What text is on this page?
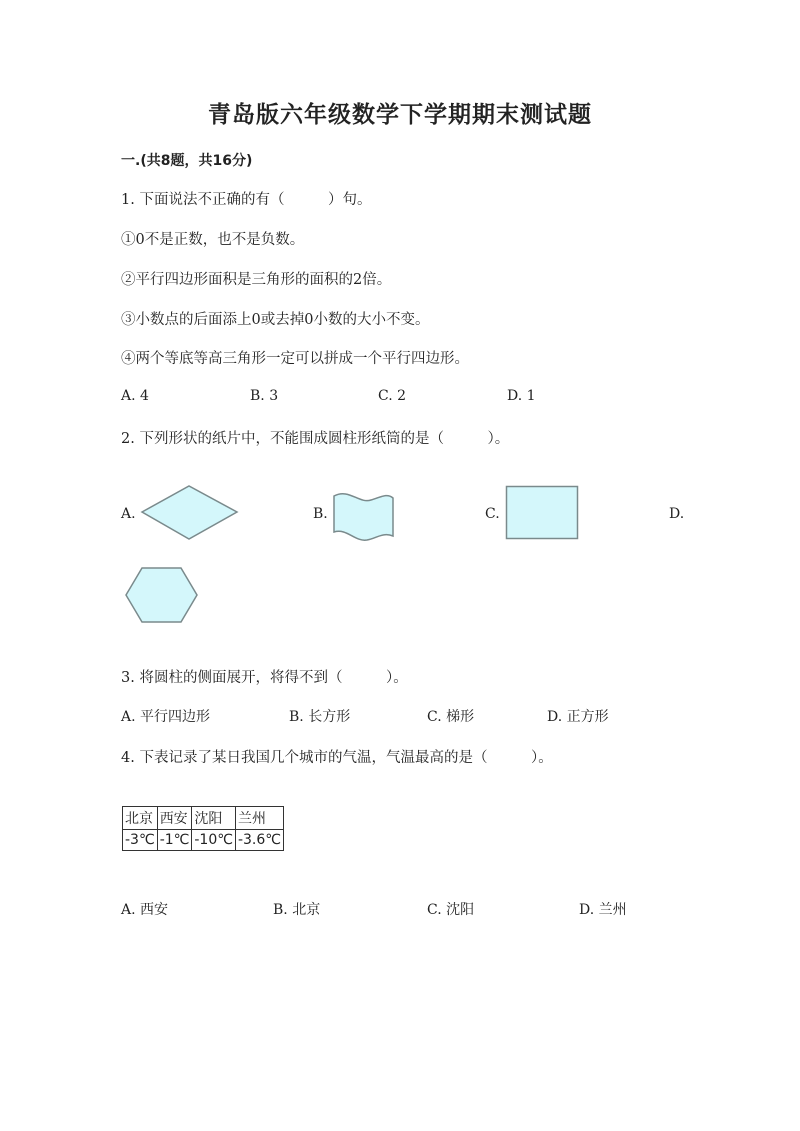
青岛版六年级数学下学期期末测试题
一.(共8题，共16分)
1. 下面说法不正确的有（　　　）句。
①0不是正数，也不是负数。
②平行四边形面积是三角形的面积的2倍。
③小数点的后面添上0或去掉0小数的大小不变。
④两个等底等高三角形一定可以拼成一个平行四边形。
A. 4	B. 3	C. 2	D. 1
2. 下列形状的纸片中，不能围成圆柱形纸筒的是（　　　）。
A.	B.	C.	D.
3. 将圆柱的侧面展开，将得不到（　　　）。
A. 平行四边形	B. 长方形	C. 梯形	D. 正方形
4. 下表记录了某日我国几个城市的气温，气温最高的是（　　　）。
北京	西安	沈阳	兰州
-3℃	-1℃	-10℃	-3.6℃
A. 西安	B. 北京	C. 沈阳	D. 兰州
